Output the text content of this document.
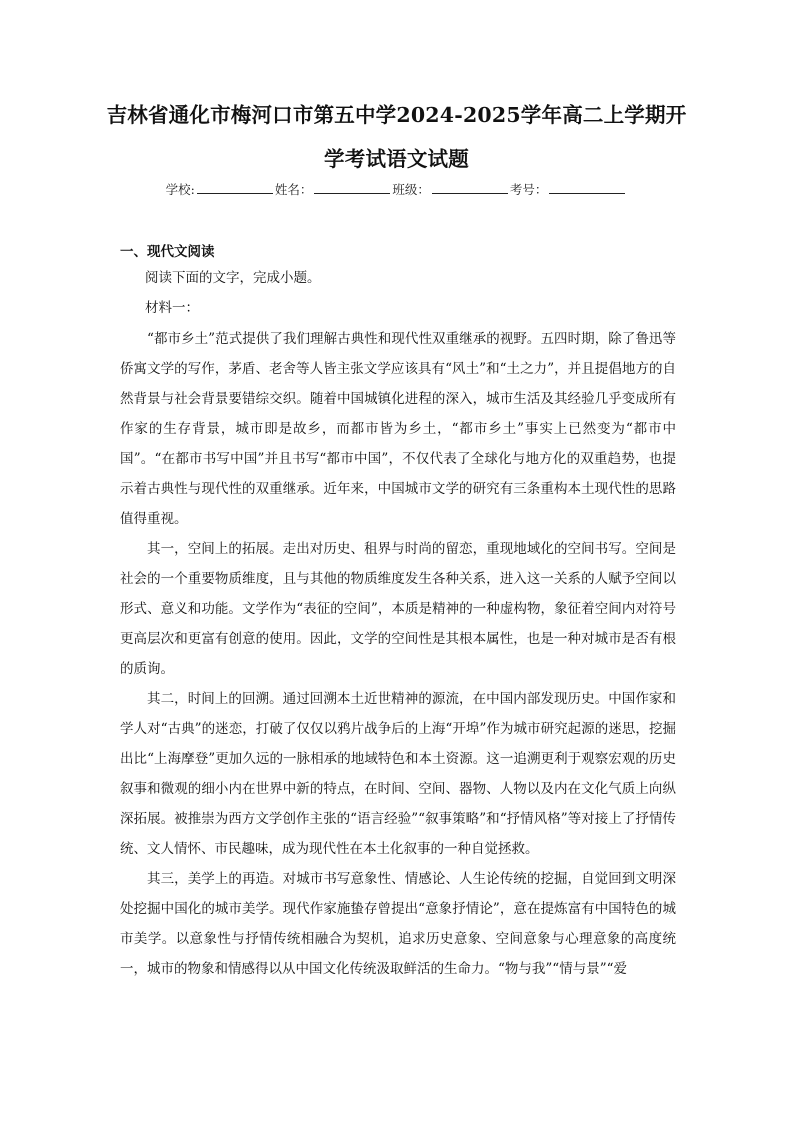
吉林省通化市梅河口市第五中学2024-2025学年高二上学期开
学考试语文试题
学校:	姓名：	班级：	考号：
一、现代文阅读
阅读下面的文字，完成小题。
材料一：

“都市乡土”范式提供了我们理解古典性和现代性双重继承的视野。五四时期，除了鲁迅等侨寓文学的写作，茅盾、老舍等人皆主张文学应该具有“风土”和“土之力”，并且提倡地方的自然背景与社会背景要错综交织。随着中国城镇化进程的深入，城市生活及其经验几乎变成所有作家的生存背景，城市即是故乡，而都市皆为乡土，“都市乡土”事实上已然变为“都市中国”。“在都市书写中国”并且书写“都市中国”，不仅代表了全球化与地方化的双重趋势，也提示着古典性与现代性的双重继承。近年来，中国城市文学的研究有三条重构本土现代性的思路值得重视。

其一，空间上的拓展。走出对历史、租界与时尚的留恋，重现地域化的空间书写。空间是社会的一个重要物质维度，且与其他的物质维度发生各种关系，进入这一关系的人赋予空间以形式、意义和功能。文学作为“表征的空间”，本质是精神的一种虚构物，象征着空间内对符号更高层次和更富有创意的使用。因此，文学的空间性是其根本属性，也是一种对城市是否有根的质询。

其二，时间上的回溯。通过回溯本土近世精神的源流，在中国内部发现历史。中国作家和学人对“古典”的迷恋，打破了仅仅以鸦片战争后的上海“开埠”作为城市研究起源的迷思，挖掘出比“上海摩登”更加久远的一脉相承的地域特色和本土资源。这一追溯更利于观察宏观的历史叙事和微观的细小内在世界中新的特点，在时间、空间、器物、人物以及内在文化气质上向纵深拓展。被推崇为西方文学创作主张的“语言经验”“叙事策略”和“抒情风格”等对接上了抒情传统、文人情怀、市民趣味，成为现代性在本土化叙事的一种自觉拯救。

其三，美学上的再造。对城市书写意象性、情感论、人生论传统的挖掘，自觉回到文明深处挖掘中国化的城市美学。现代作家施蛰存曾提出“意象抒情论”，意在提炼富有中国特色的城市美学。以意象性与抒情传统相融合为契机，追求历史意象、空间意象与心理意象的高度统一，城市的物象和情感得以从中国文化传统汲取鲜活的生命力。“物与我”“情与景”“爱
